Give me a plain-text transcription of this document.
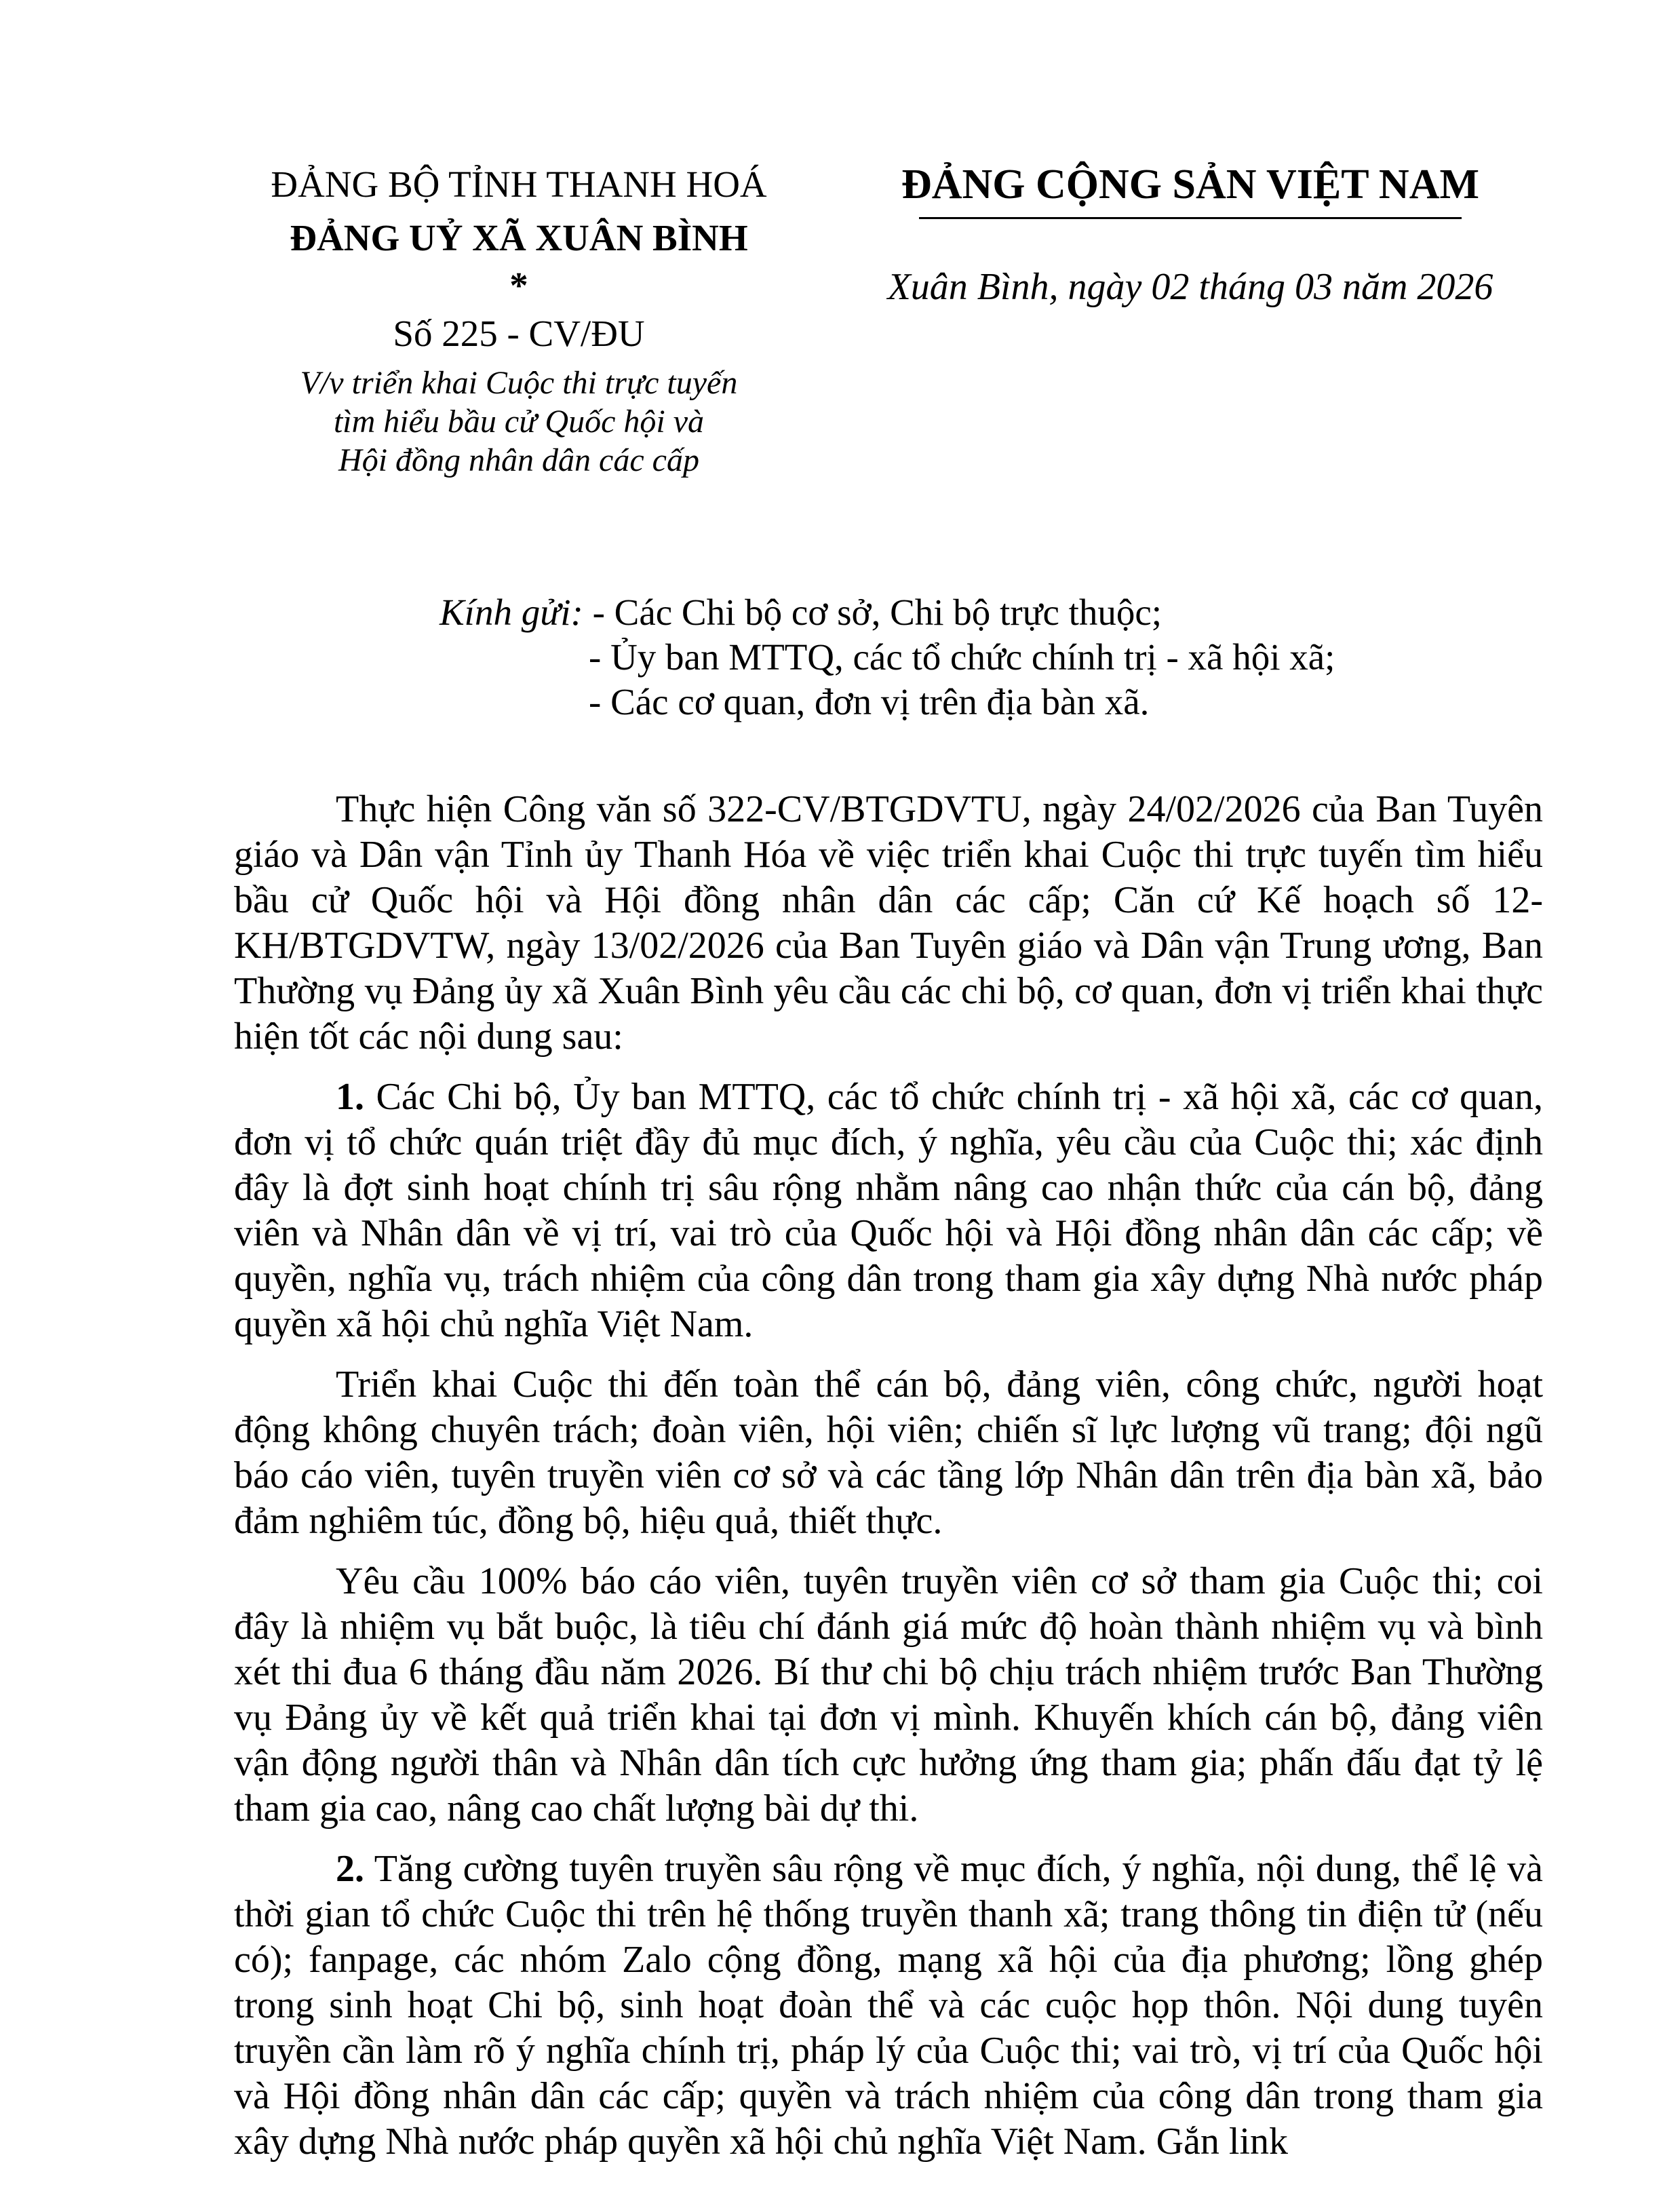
ĐẢNG BỘ TỈNH THANH HOÁ
ĐẢNG UỶ XÃ XUÂN BÌNH
*
Số 225 - CV/ĐU
V/v triển khai Cuộc thi trực tuyến
tìm hiểu bầu cử Quốc hội và
Hội đồng nhân dân các cấp
ĐẢNG CỘNG SẢN VIỆT NAM
Xuân Bình, ngày 02 tháng 03 năm 2026
Kính gửi: - Các Chi bộ cơ sở, Chi bộ trực thuộc;
- Ủy ban MTTQ, các tổ chức chính trị - xã hội xã;
- Các cơ quan, đơn vị trên địa bàn xã.

Thực hiện Công văn số 322-CV/BTGDVTU, ngày 24/02/2026 của Ban Tuyên giáo và Dân vận Tỉnh ủy Thanh Hóa về việc triển khai Cuộc thi trực tuyến tìm hiểu bầu cử Quốc hội và Hội đồng nhân dân các cấp; Căn cứ Kế hoạch số 12-KH/BTGDVTW, ngày 13/02/2026 của Ban Tuyên giáo và Dân vận Trung ương, Ban Thường vụ Đảng ủy xã Xuân Bình yêu cầu các chi bộ, cơ quan, đơn vị triển khai thực hiện tốt các nội dung sau:

1. Các Chi bộ, Ủy ban MTTQ, các tổ chức chính trị - xã hội xã, các cơ quan, đơn vị tổ chức quán triệt đầy đủ mục đích, ý nghĩa, yêu cầu của Cuộc thi; xác định đây là đợt sinh hoạt chính trị sâu rộng nhằm nâng cao nhận thức của cán bộ, đảng viên và Nhân dân về vị trí, vai trò của Quốc hội và Hội đồng nhân dân các cấp; về quyền, nghĩa vụ, trách nhiệm của công dân trong tham gia xây dựng Nhà nước pháp quyền xã hội chủ nghĩa Việt Nam.

Triển khai Cuộc thi đến toàn thể cán bộ, đảng viên, công chức, người hoạt động không chuyên trách; đoàn viên, hội viên; chiến sĩ lực lượng vũ trang; đội ngũ báo cáo viên, tuyên truyền viên cơ sở và các tầng lớp Nhân dân trên địa bàn xã, bảo đảm nghiêm túc, đồng bộ, hiệu quả, thiết thực.

Yêu cầu 100% báo cáo viên, tuyên truyền viên cơ sở tham gia Cuộc thi; coi đây là nhiệm vụ bắt buộc, là tiêu chí đánh giá mức độ hoàn thành nhiệm vụ và bình xét thi đua 6 tháng đầu năm 2026. Bí thư chi bộ chịu trách nhiệm trước Ban Thường vụ Đảng ủy về kết quả triển khai tại đơn vị mình. Khuyến khích cán bộ, đảng viên vận động người thân và Nhân dân tích cực hưởng ứng tham gia; phấn đấu đạt tỷ lệ tham gia cao, nâng cao chất lượng bài dự thi.

2. Tăng cường tuyên truyền sâu rộng về mục đích, ý nghĩa, nội dung, thể lệ và thời gian tổ chức Cuộc thi trên hệ thống truyền thanh xã; trang thông tin điện tử (nếu có); fanpage, các nhóm Zalo cộng đồng, mạng xã hội của địa phương; lồng ghép trong sinh hoạt Chi bộ, sinh hoạt đoàn thể và các cuộc họp thôn. Nội dung tuyên truyền cần làm rõ ý nghĩa chính trị, pháp lý của Cuộc thi; vai trò, vị trí của Quốc hội và Hội đồng nhân dân các cấp; quyền và trách nhiệm của công dân trong tham gia xây dựng Nhà nước pháp quyền xã hội chủ nghĩa Việt Nam. Gắn link
